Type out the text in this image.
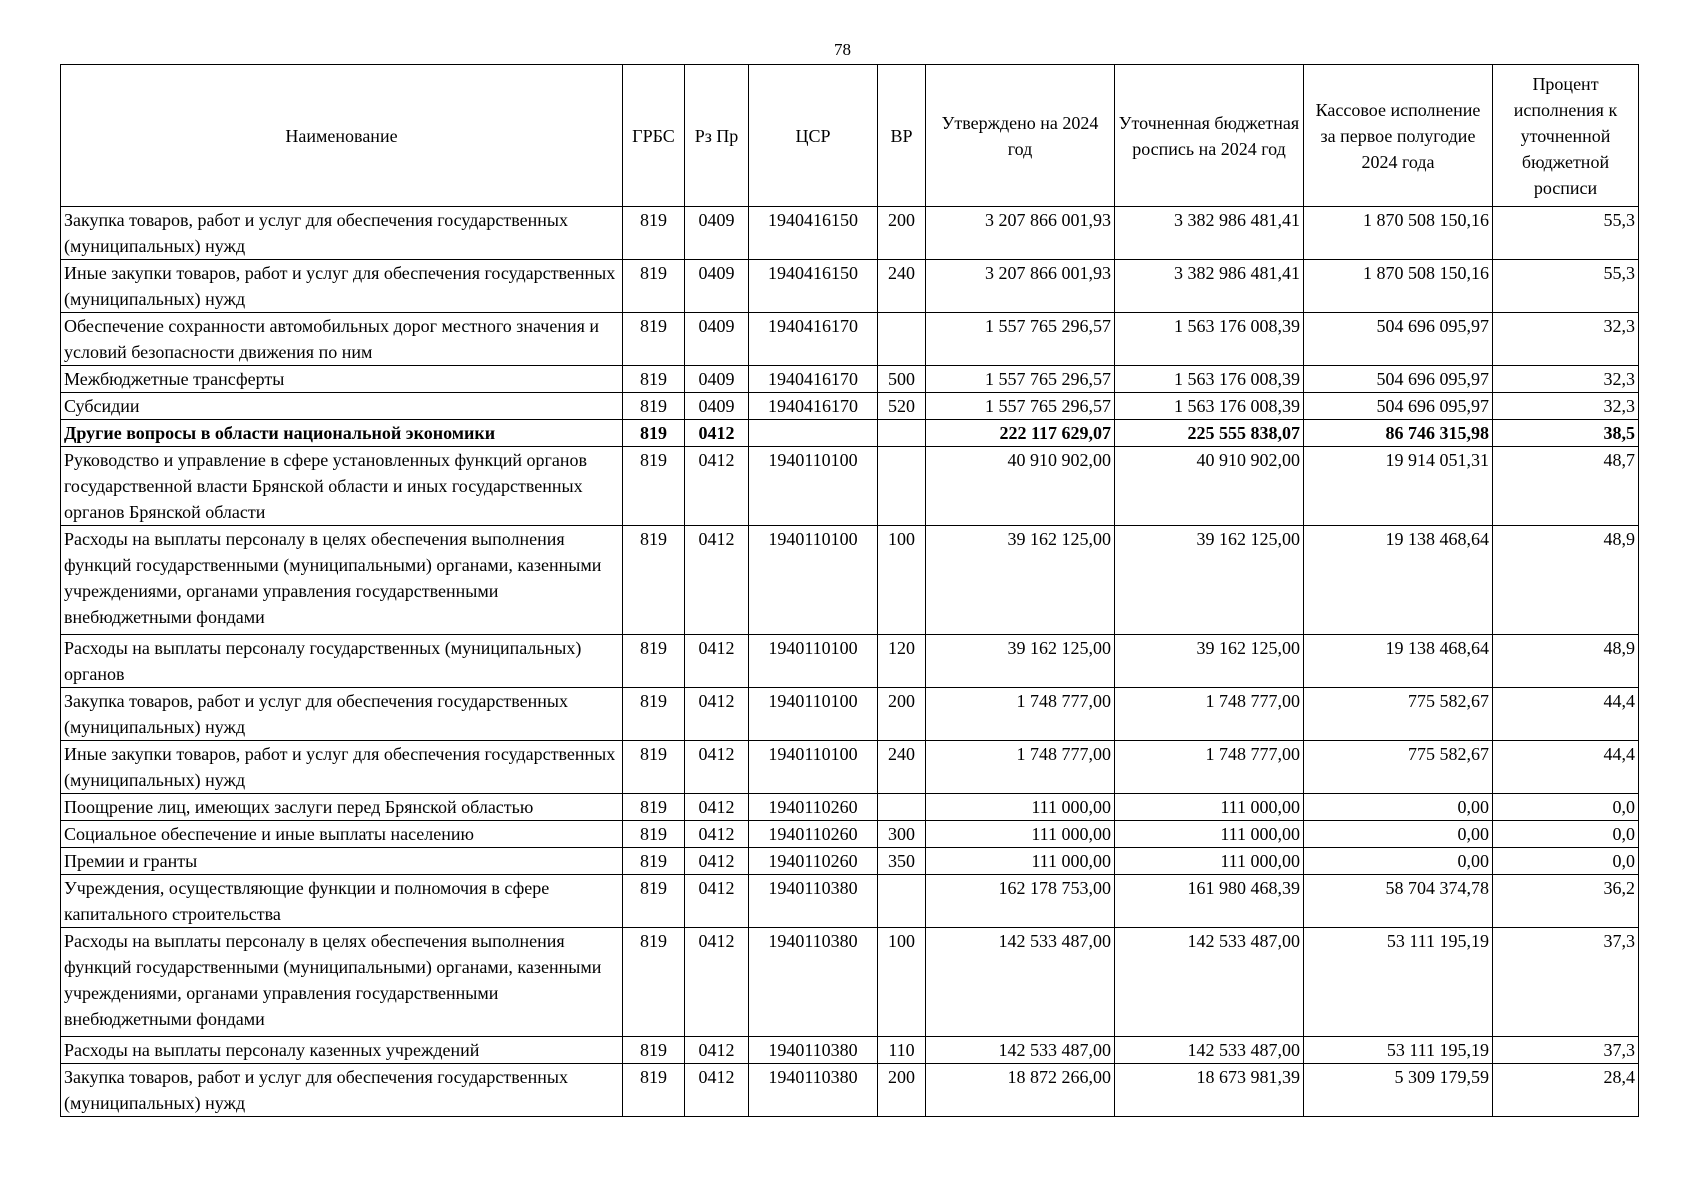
78
Наименование	ГРБС	Рз Пр	ЦСР	ВР	Утверждено на 2024 год	Уточненная бюджетная роспись на 2024 год	Кассовое исполнение за первое полугодие 2024 года	Процент исполнения к уточненной бюджетной росписи
Закупка товаров, работ и услуг для обеспечения государственных (муниципальных) нужд	819	0409	1940416150	200	3 207 866 001,93	3 382 986 481,41	1 870 508 150,16	55,3
Иные закупки товаров, работ и услуг для обеспечения государственных (муниципальных) нужд	819	0409	1940416150	240	3 207 866 001,93	3 382 986 481,41	1 870 508 150,16	55,3
Обеспечение сохранности автомобильных дорог местного значения и условий безопасности движения по ним	819	0409	1940416170		1 557 765 296,57	1 563 176 008,39	504 696 095,97	32,3
Межбюджетные трансферты	819	0409	1940416170	500	1 557 765 296,57	1 563 176 008,39	504 696 095,97	32,3
Субсидии	819	0409	1940416170	520	1 557 765 296,57	1 563 176 008,39	504 696 095,97	32,3
Другие вопросы в области национальной экономики	819	0412			222 117 629,07	225 555 838,07	86 746 315,98	38,5
Руководство и управление в сфере установленных функций органов государственной власти Брянской области и иных государственных органов Брянской области	819	0412	1940110100		40 910 902,00	40 910 902,00	19 914 051,31	48,7
Расходы на выплаты персоналу в целях обеспечения выполнения функций государственными (муниципальными) органами, казенными учреждениями, органами управления государственными внебюджетными фондами	819	0412	1940110100	100	39 162 125,00	39 162 125,00	19 138 468,64	48,9
Расходы на выплаты персоналу государственных (муниципальных) органов	819	0412	1940110100	120	39 162 125,00	39 162 125,00	19 138 468,64	48,9
Закупка товаров, работ и услуг для обеспечения государственных (муниципальных) нужд	819	0412	1940110100	200	1 748 777,00	1 748 777,00	775 582,67	44,4
Иные закупки товаров, работ и услуг для обеспечения государственных (муниципальных) нужд	819	0412	1940110100	240	1 748 777,00	1 748 777,00	775 582,67	44,4
Поощрение лиц, имеющих заслуги перед Брянской областью	819	0412	1940110260		111 000,00	111 000,00	0,00	0,0
Социальное обеспечение и иные выплаты населению	819	0412	1940110260	300	111 000,00	111 000,00	0,00	0,0
Премии и гранты	819	0412	1940110260	350	111 000,00	111 000,00	0,00	0,0
Учреждения, осуществляющие функции и полномочия в сфере капитального строительства	819	0412	1940110380		162 178 753,00	161 980 468,39	58 704 374,78	36,2
Расходы на выплаты персоналу в целях обеспечения выполнения функций государственными (муниципальными) органами, казенными учреждениями, органами управления государственными внебюджетными фондами	819	0412	1940110380	100	142 533 487,00	142 533 487,00	53 111 195,19	37,3
Расходы на выплаты персоналу казенных учреждений	819	0412	1940110380	110	142 533 487,00	142 533 487,00	53 111 195,19	37,3
Закупка товаров, работ и услуг для обеспечения государственных (муниципальных) нужд	819	0412	1940110380	200	18 872 266,00	18 673 981,39	5 309 179,59	28,4
